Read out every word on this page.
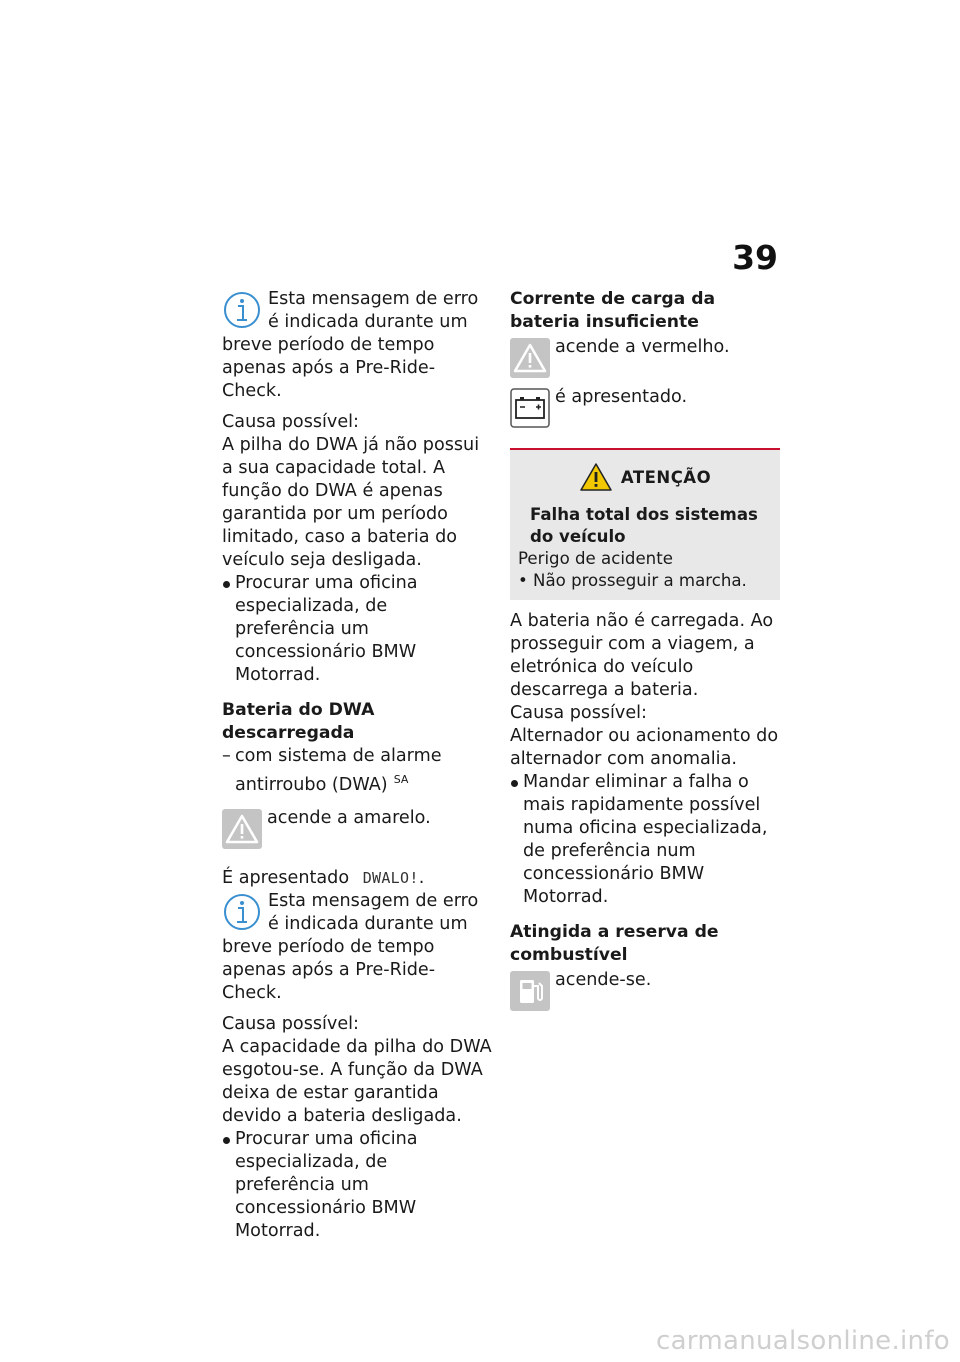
39

Esta mensagem de erro é indicada durante um breve período de tempo apenas após a Pre-Ride-Check.

Causa possível:

A pilha do DWA já não possui a sua capacidade total. A função do DWA é apenas garantida por um período limitado, caso a bateria do veículo seja desligada.

Procurar uma oficina especializada, de preferência um concessionário BMW Motorrad.

Bateria do DWA descarregada

– com sistema de alarme antirroubo (DWA) $^{SA}$

acende a amarelo.

É apresentado DWALO!.

Esta mensagem de erro é indicada durante um breve período de tempo apenas após a Pre-Ride-Check.

Causa possível:

A capacidade da pilha do DWA esgotou-se. A função da DWA deixa de estar garantida devido a bateria desligada.

Procurar uma oficina especializada, de preferência um concessionário BMW Motorrad.

Corrente de carga da bateria insuficiente

acende a vermelho.
é apresentado.
ATENÇÃO

Falha total dos sistemas do veículo

Perigo de acidente

• Não prosseguir a marcha.

A bateria não é carregada. Ao prosseguir com a viagem, a eletrónica do veículo descarrega a bateria.

Causa possível:

Alternador ou acionamento do alternador com anomalia.

Mandar eliminar a falha o mais rapidamente possível numa oficina especializada, de preferência num concessionário BMW Motorrad.

Atingida a reserva de combustível

acende-se.
carmanualsonline.info
